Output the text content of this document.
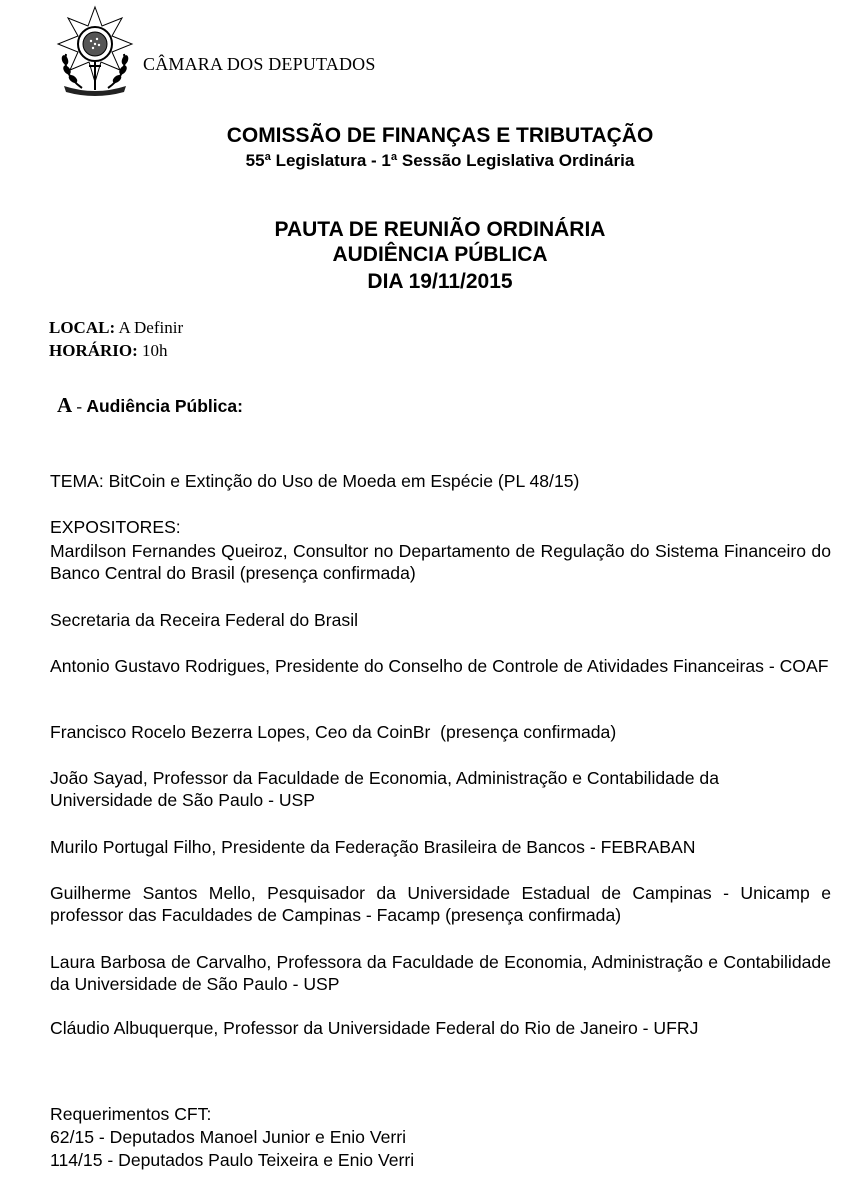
CÂMARA DOS DEPUTADOS
COMISSÃO DE FINANÇAS E TRIBUTAÇÃO
55ª Legislatura - 1ª Sessão Legislativa Ordinária
PAUTA DE REUNIÃO ORDINÁRIA
AUDIÊNCIA PÚBLICA
DIA 19/11/2015
LOCAL: A Definir
HORÁRIO: 10h
A - Audiência Pública:
TEMA: BitCoin e Extinção do Uso de Moeda em Espécie (PL 48/15)
EXPOSITORES:
Mardilson Fernandes Queiroz, Consultor no Departamento de Regulação do Sistema Financeiro do Banco Central do Brasil (presença confirmada)
Secretaria da Receira Federal do Brasil
Antonio Gustavo Rodrigues, Presidente do Conselho de Controle de Atividades Financeiras - COAF
Francisco Rocelo Bezerra Lopes, Ceo da CoinBr  (presença confirmada)
João Sayad, Professor da Faculdade de Economia, Administração e Contabilidade da Universidade de São Paulo - USP
Murilo Portugal Filho, Presidente da Federação Brasileira de Bancos - FEBRABAN
Guilherme Santos Mello, Pesquisador da Universidade Estadual de Campinas - Unicamp e professor das Faculdades de Campinas - Facamp (presença confirmada)
Laura Barbosa de Carvalho, Professora da Faculdade de Economia, Administração e Contabilidade da Universidade de São Paulo - USP
Cláudio Albuquerque, Professor da Universidade Federal do Rio de Janeiro - UFRJ
Requerimentos CFT:
62/15 - Deputados Manoel Junior e Enio Verri
114/15 - Deputados Paulo Teixeira e Enio Verri
